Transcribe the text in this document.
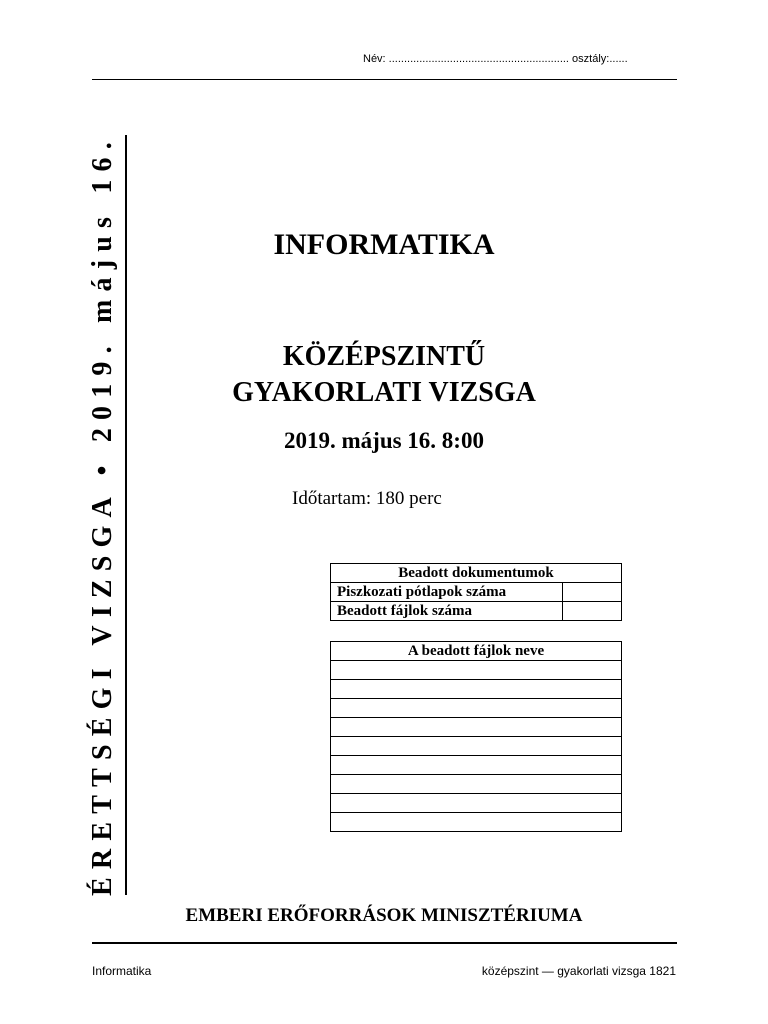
Név: ........................................................... osztály:......
ÉRETTSÉGI VIZSGA • 2019. május 16.	INFORMATIKA
KÖZÉPSZINTŰ
GYAKORLATI VIZSGA
2019. május 16. 8:00
Időtartam: 180 perc
Beadott dokumentumok	
Piszkozati pótlapok száma	
Beadott fájlok száma	
A beadott fájlok neve

EMBERI ERŐFORRÁSOK MINISZTÉRIUMA
Informatika	középszint — gyakorlati vizsga 1821
